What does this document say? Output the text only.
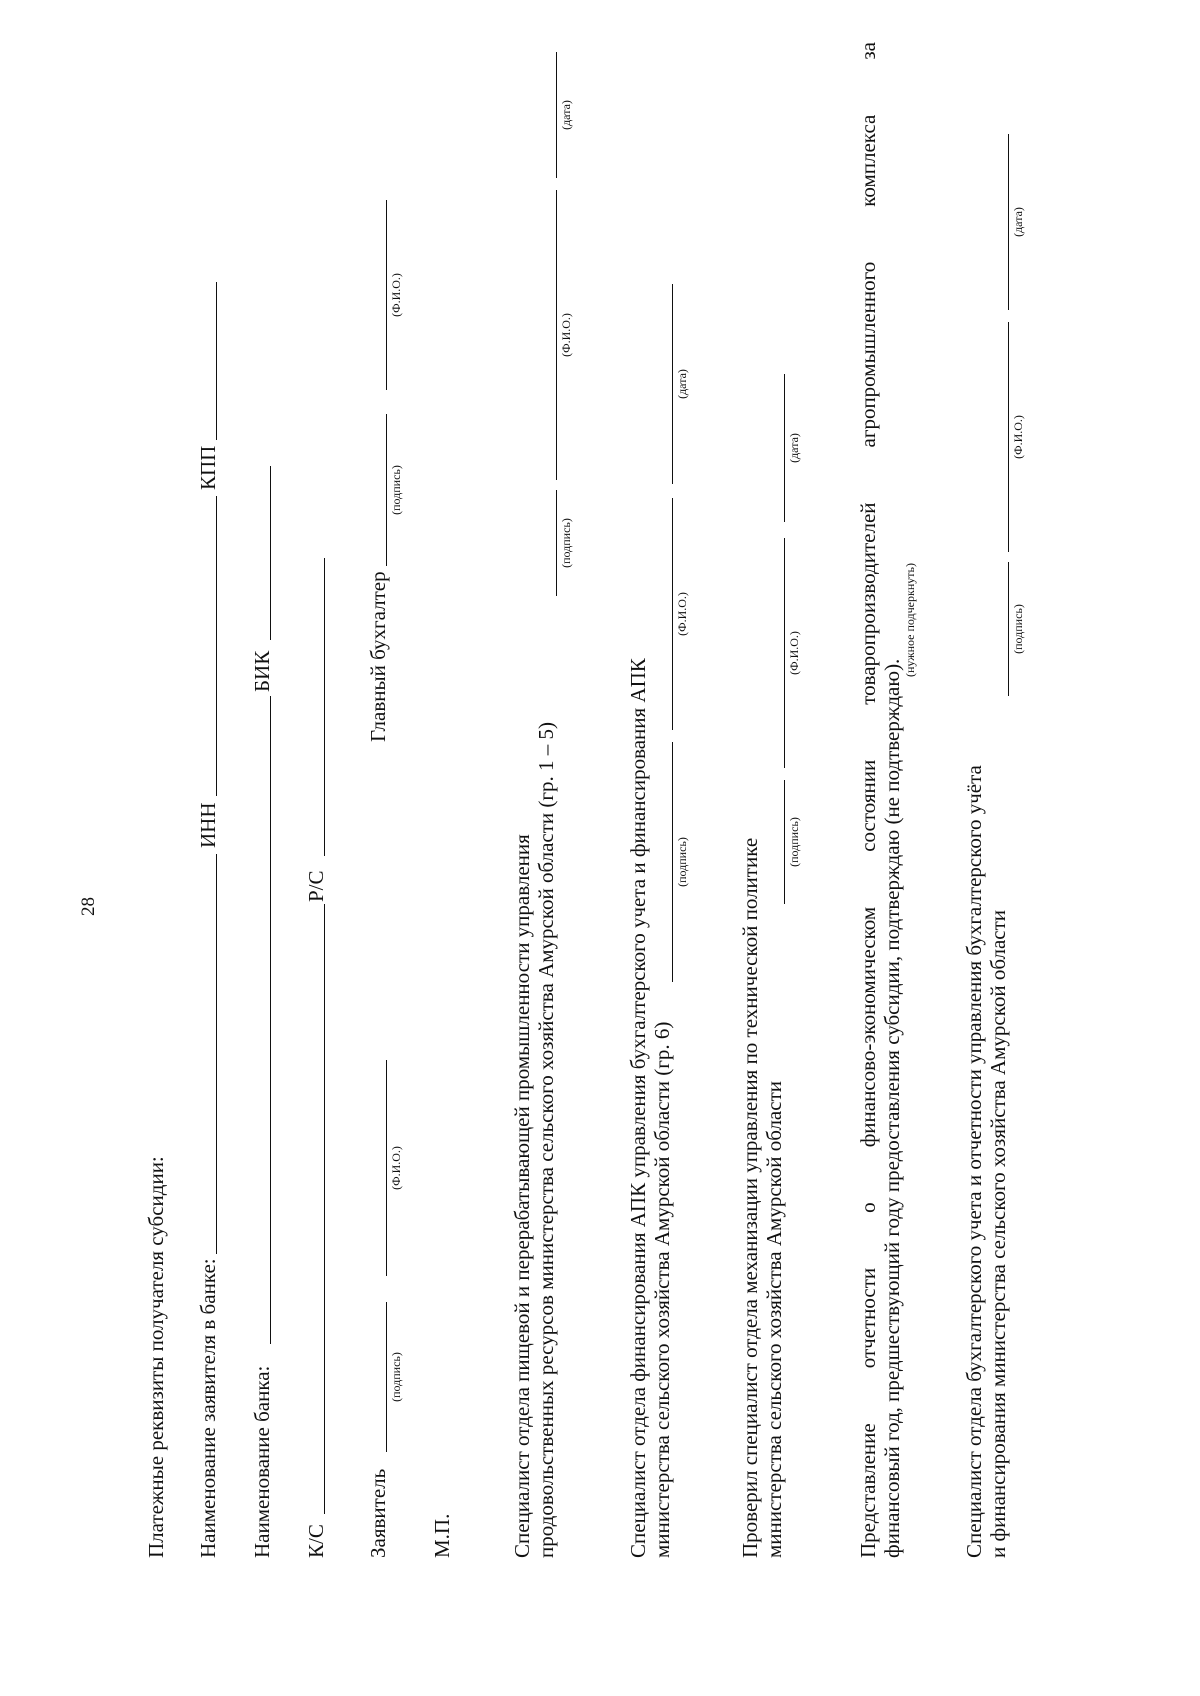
28
Платежные реквизиты получателя субсидии: Наименование заявителя в банке:
ИНН
КПП
Наименование банка:
БИК
К/С
Р/С
Заявитель
(подпись)
(Ф.И.О.)
Главный бухгалтер
(подпись)
(Ф.И.О.)
М.П.	Специалист отдела пищевой и перерабатывающей промышленности управления продовольственных ресурсов министерства сельского хозяйства Амурской области (гр. 1 – 5)
(подпись)
(Ф.И.О.)
(дата)
Специалист отдела финансирования АПК управления бухгалтерского учета и финансирования АПК министерства сельского хозяйства Амурской области (гр. 6)
(подпись)
(Ф.И.О.)
(дата)
Проверил специалист отдела механизации управления по технической политике министерства сельского хозяйства Амурской области
(подпись)
(Ф.И.О.)
(дата)	Представление отчетности о финансово-экономическом состоянии товаропроизводителей агропромышленного комплекса за финансовый год, предшествующий году предоставления субсидии, подтверждаю (не подтверждаю).
(нужное подчеркнуть)
Специалист отдела бухгалтерского учета и отчетности управления бухгалтерского учёта и финансирования министерства сельского хозяйства Амурской области
(подпись)
(Ф.И.О.)
(дата)
